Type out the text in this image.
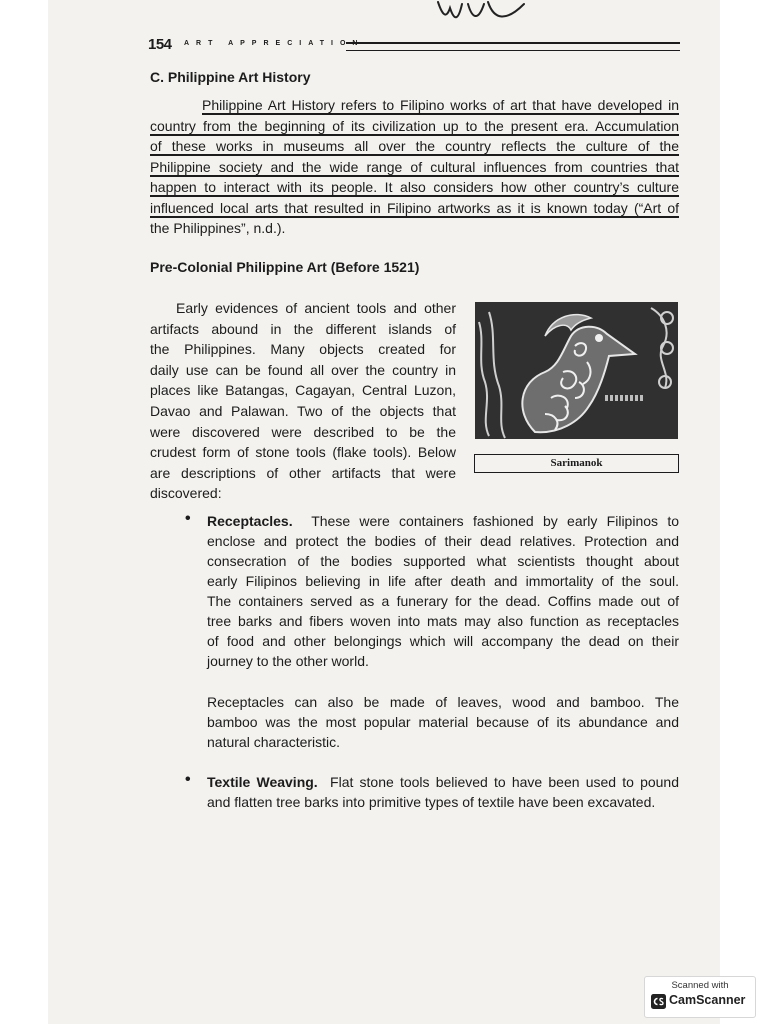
154 ART APPRECIATION
C. Philippine Art History

Philippine Art History refers to Filipino works of art that have developed in
country from the beginning of its civilization up to the present era. Accumulation
of these works in museums all over the country reflects the culture of the
Philippine society and the wide range of cultural influences from countries that
happen to interact with its people. It also considers how other country’s culture
influenced local arts that resulted in Filipino artworks as it is known today (“Art of
the Philippines”, n.d.).

Pre-Colonial Philippine Art (Before 1521)

Early evidences of ancient tools and other
artifacts abound in the different islands of
the Philippines. Many objects created for
daily use can be found all over the country in
places like Batangas, Cagayan, Central Luzon,
Davao and Palawan. Two of the objects that
were discovered were described to be the
crudest form of stone tools (flake tools). Below
are descriptions of other artifacts that were
discovered:

Sarimanok
• Receptacles. These were containers fashioned by early Filipinos to
enclose and protect the bodies of their dead relatives. Protection and
consecration of the bodies supported what scientists thought about
early Filipinos believing in life after death and immortality of the soul.
The containers served as a funerary for the dead. Coffins made out of
tree barks and fibers woven into mats may also function as receptacles
of food and other belongings which will accompany the dead on their
journey to the other world.

Receptacles can also be made of leaves, wood and bamboo. The
bamboo was the most popular material because of its abundance and
natural characteristic.

• Textile Weaving. Flat stone tools believed to have been used to pound
and flatten tree barks into primitive types of textile have been excavated.

Scanned with
CamScanner
